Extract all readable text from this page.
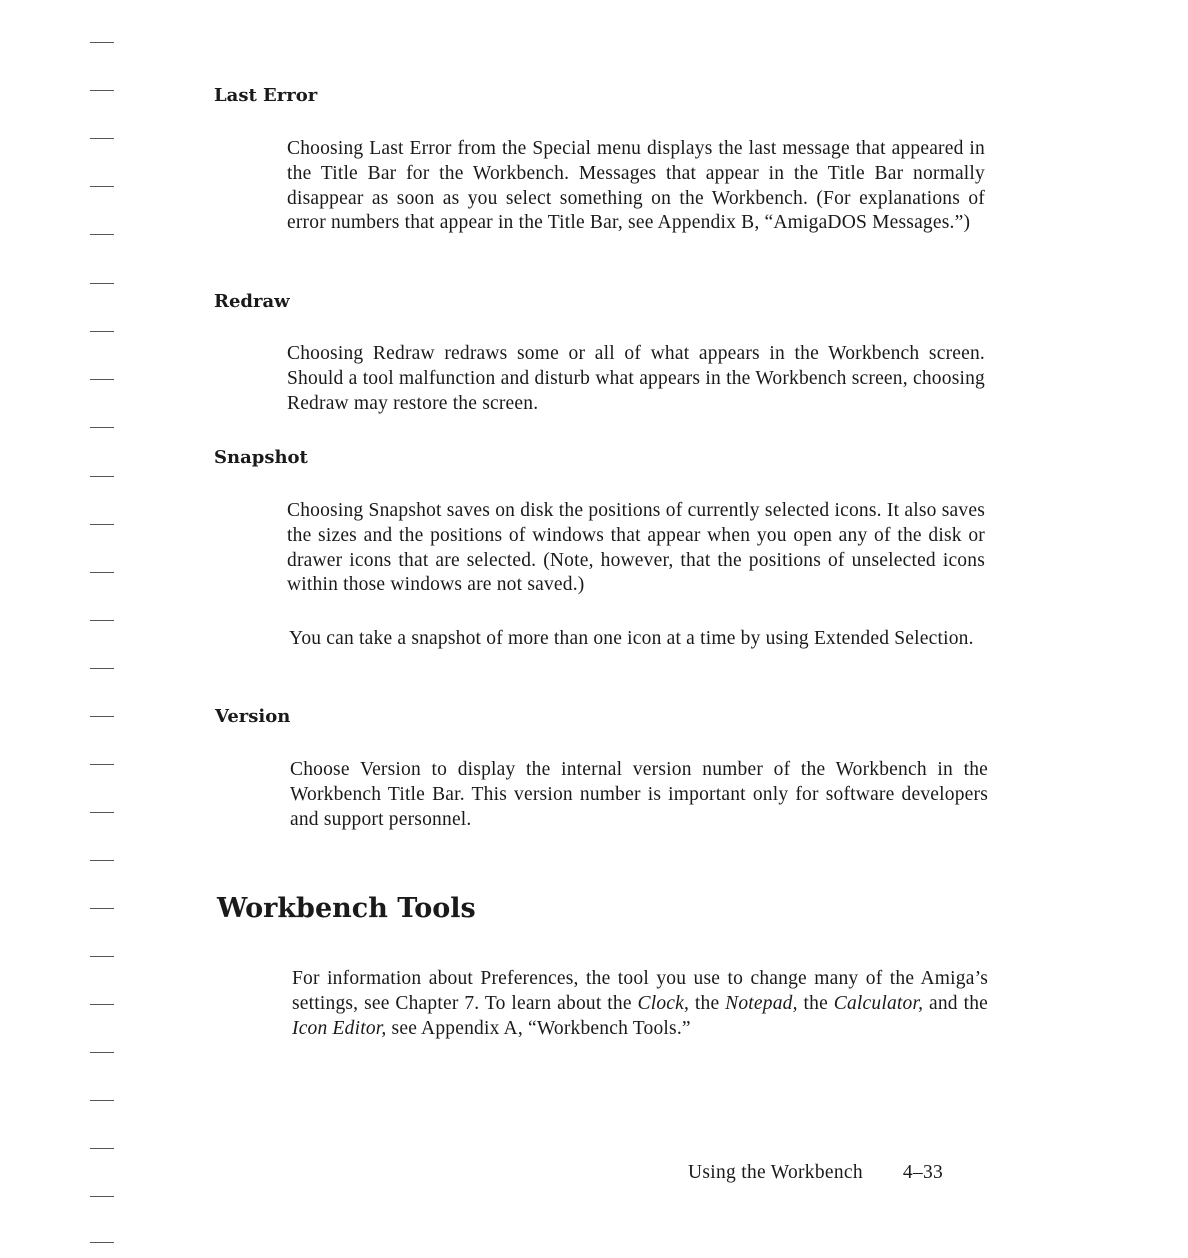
Last Error

Choosing Last Error from the Special menu displays the last message that appeared in the Title Bar for the Workbench. Messages that appear in the Title Bar normally disappear as soon as you select something on the Workbench. (For explanations of error numbers that appear in the Title Bar, see Appendix B, “AmigaDOS Messages.”)

Redraw

Choosing Redraw redraws some or all of what appears in the Workbench screen. Should a tool malfunction and disturb what appears in the Workbench screen, choosing Redraw may restore the screen.

Snapshot

Choosing Snapshot saves on disk the positions of currently selected icons. It also saves the sizes and the positions of windows that appear when you open any of the disk or drawer icons that are selected. (Note, however, that the positions of unselected icons within those windows are not saved.)

You can take a snapshot of more than one icon at a time by using Extended Selection.

Version

Choose Version to display the internal version number of the Workbench in the Workbench Title Bar. This version number is important only for software developers and support personnel.

Workbench Tools

For information about Preferences, the tool you use to change many of the Amiga’s settings, see Chapter 7. To learn about the Clock, the Notepad, the Calculator, and the Icon Editor, see Appendix A, “Workbench Tools.”

Using the Workbench 4–33
